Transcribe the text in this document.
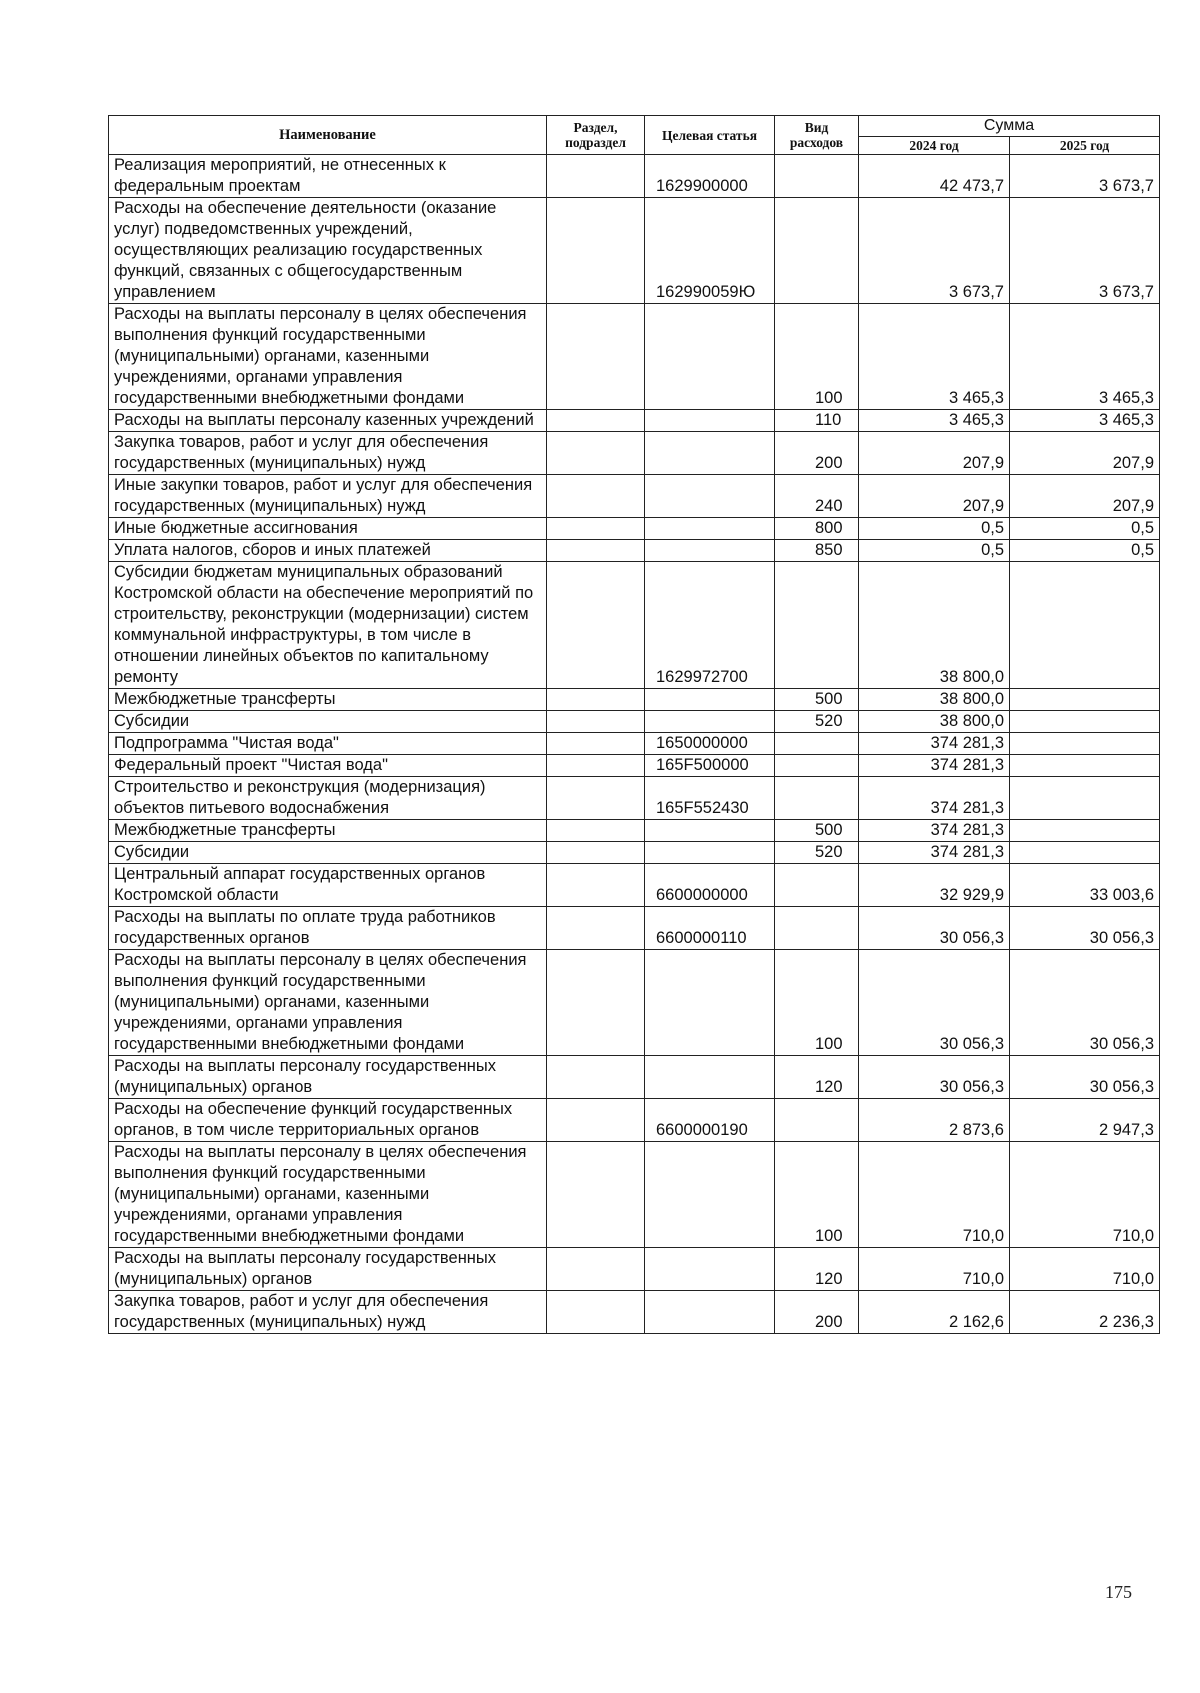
Наименование	Раздел, подраздел	Целевая статья	Вид расходов	Сумма	
				2024 год	2025 год
Реализация мероприятий, не отнесенных к федеральным проектам		1629900000		42 473,7	3 673,7
Расходы на обеспечение деятельности (оказание услуг) подведомственных учреждений, осуществляющих реализацию государственных функций, связанных с общегосударственным управлением		162990059Ю		3 673,7	3 673,7
Расходы на выплаты персоналу в целях обеспечения выполнения функций государственными (муниципальными) органами, казенными учреждениями, органами управления государственными внебюджетными фондами			100	3 465,3	3 465,3
Расходы на выплаты персоналу казенных учреждений			110	3 465,3	3 465,3
Закупка товаров, работ и услуг для обеспечения государственных (муниципальных) нужд			200	207,9	207,9
Иные закупки товаров, работ и услуг для обеспечения государственных (муниципальных) нужд			240	207,9	207,9
Иные бюджетные ассигнования			800	0,5	0,5
Уплата налогов, сборов и иных платежей			850	0,5	0,5
Субсидии бюджетам муниципальных образований Костромской области на обеспечение мероприятий по строительству, реконструкции (модернизации) систем коммунальной инфраструктуры, в том числе в отношении линейных объектов по капитальному ремонту		1629972700		38 800,0	
Межбюджетные трансферты			500	38 800,0	
Субсидии			520	38 800,0	
Подпрограмма "Чистая вода"		1650000000		374 281,3	
Федеральный проект "Чистая вода"		165F500000		374 281,3	
Строительство и реконструкция (модернизация) объектов питьевого водоснабжения		165F552430		374 281,3	
Межбюджетные трансферты			500	374 281,3	
Субсидии			520	374 281,3	
Центральный аппарат государственных органов Костромской области		6600000000		32 929,9	33 003,6
Расходы на выплаты по оплате труда работников государственных органов		6600000110		30 056,3	30 056,3
Расходы на выплаты персоналу в целях обеспечения выполнения функций государственными (муниципальными) органами, казенными учреждениями, органами управления государственными внебюджетными фондами			100	30 056,3	30 056,3
Расходы на выплаты персоналу государственных (муниципальных) органов			120	30 056,3	30 056,3
Расходы на обеспечение функций государственных органов, в том числе территориальных органов		6600000190		2 873,6	2 947,3
Расходы на выплаты персоналу в целях обеспечения выполнения функций государственными (муниципальными) органами, казенными учреждениями, органами управления государственными внебюджетными фондами			100	710,0	710,0
Расходы на выплаты персоналу государственных (муниципальных) органов			120	710,0	710,0
Закупка товаров, работ и услуг для обеспечения государственных (муниципальных) нужд			200	2 162,6	2 236,3
175
